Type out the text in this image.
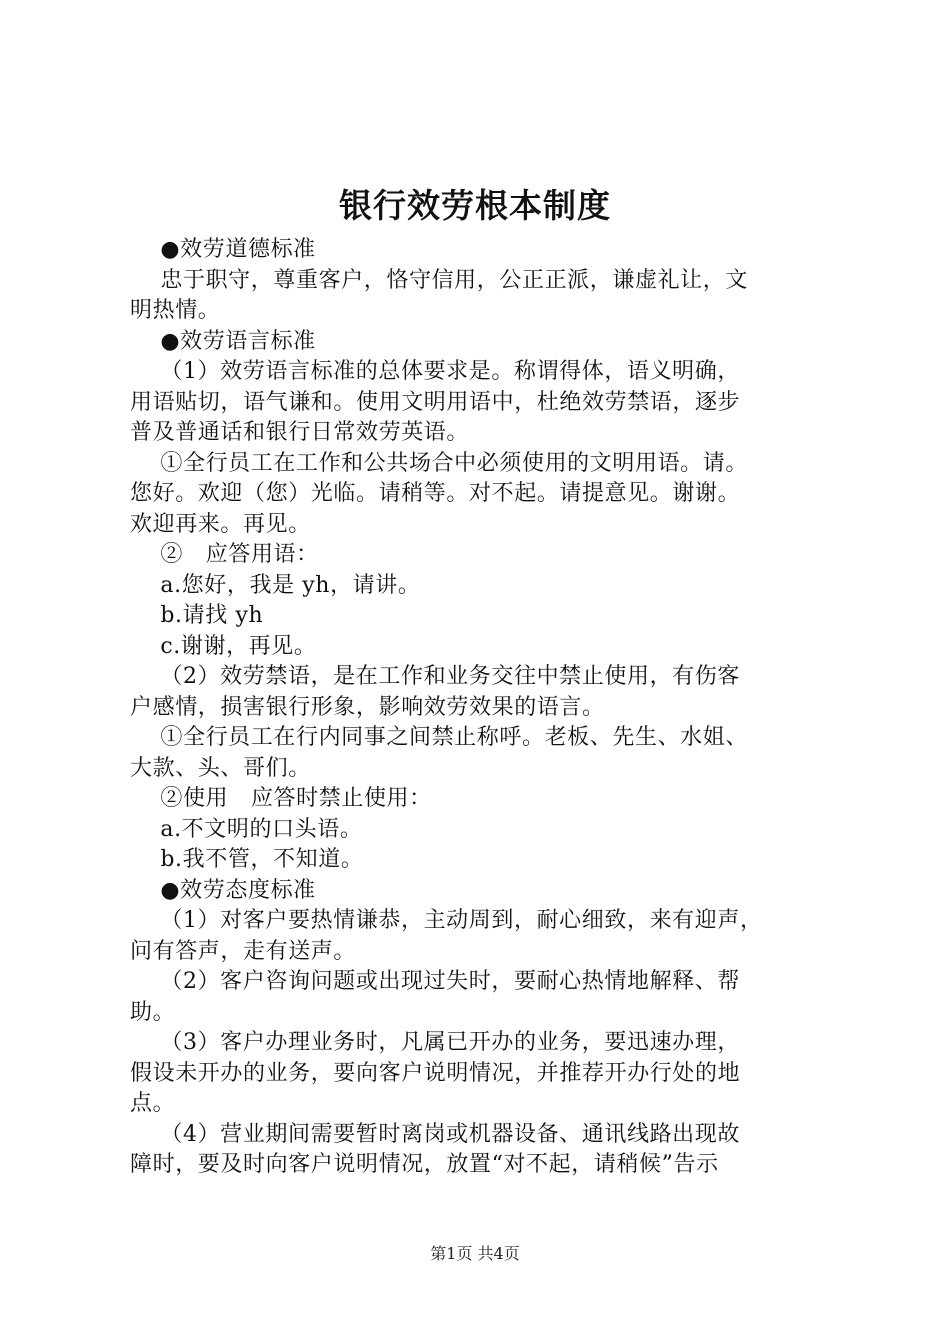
银行效劳根本制度
●效劳道德标准
忠于职守，尊重客户，恪守信用，公正正派，谦虚礼让，文
明热情。
●效劳语言标准
（1）效劳语言标准的总体要求是。称谓得体，语义明确，
用语贴切，语气谦和。使用文明用语中，杜绝效劳禁语，逐步
普及普通话和银行日常效劳英语。
①全行员工在工作和公共场合中必须使用的文明用语。请。
您好。欢迎（您）光临。请稍等。对不起。请提意见。谢谢。
欢迎再来。再见。
②   应答用语：
a.您好，我是 yh，请讲。
b.请找 yh
c.谢谢，再见。
（2）效劳禁语，是在工作和业务交往中禁止使用，有伤客
户感情，损害银行形象，影响效劳效果的语言。
①全行员工在行内同事之间禁止称呼。老板、先生、水姐、
大款、头、哥们。
②使用   应答时禁止使用：
a.不文明的口头语。
b.我不管，不知道。
●效劳态度标准
（1）对客户要热情谦恭，主动周到，耐心细致，来有迎声，
问有答声，走有送声。
（2）客户咨询问题或出现过失时，要耐心热情地解释、帮
助。
（3）客户办理业务时，凡属已开办的业务，要迅速办理，
假设未开办的业务，要向客户说明情况，并推荐开办行处的地
点。
（4）营业期间需要暂时离岗或机器设备、通讯线路出现故
障时，要及时向客户说明情况，放置“对不起，请稍候”告示
第1页 共4页
